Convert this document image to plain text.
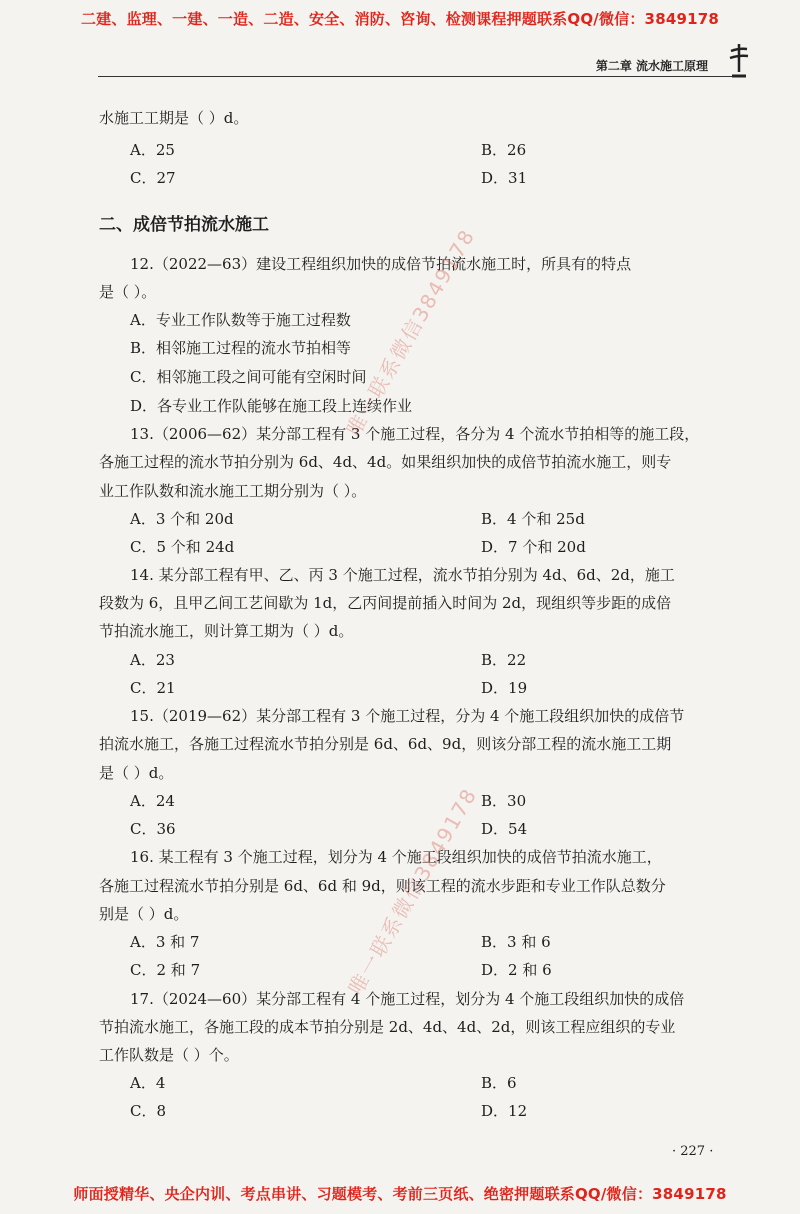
二建、监理、一建、一造、二造、安全、消防、咨询、检测课程押题联系QQ/微信：3849178
第二章 流水施工原理
水施工工期是（ ）d。
A．25	B．26
C．27	D．31
二、成倍节拍流水施工
12.（2022—63）建设工程组织加快的成倍节拍流水施工时，所具有的特点
是（ ）。
A．专业工作队数等于施工过程数
B．相邻施工过程的流水节拍相等
C．相邻施工段之间可能有空闲时间
D．各专业工作队能够在施工段上连续作业
13.（2006—62）某分部工程有 3 个施工过程，各分为 4 个流水节拍相等的施工段，
各施工过程的流水节拍分别为 6d、4d、4d。如果组织加快的成倍节拍流水施工，则专
业工作队数和流水施工工期分别为（ ）。
A．3 个和 20d	B．4 个和 25d
C．5 个和 24d	D．7 个和 20d
14. 某分部工程有甲、乙、丙 3 个施工过程，流水节拍分别为 4d、6d、2d，施工
段数为 6，且甲乙间工艺间歇为 1d，乙丙间提前插入时间为 2d，现组织等步距的成倍
节拍流水施工，则计算工期为（ ）d。
A．23	B．22
C．21	D．19
15.（2019—62）某分部工程有 3 个施工过程，分为 4 个施工段组织加快的成倍节
拍流水施工，各施工过程流水节拍分别是 6d、6d、9d，则该分部工程的流水施工工期
是（ ）d。
A．24	B．30
C．36	D．54
16. 某工程有 3 个施工过程，划分为 4 个施工段组织加快的成倍节拍流水施工，
各施工过程流水节拍分别是 6d、6d 和 9d，则该工程的流水步距和专业工作队总数分
别是（ ）d。
A．3 和 7	B．3 和 6
C．2 和 7	D．2 和 6
17.（2024—60）某分部工程有 4 个施工过程，划分为 4 个施工段组织加快的成倍
节拍流水施工，各施工段的成本节拍分别是 2d、4d、4d、2d，则该工程应组织的专业
工作队数是（ ）个。
A．4	B．6
C．8	D．12
唯一联系微信3849178
唯一联系微信3849178
· 227 ·
师面授精华、央企内训、考点串讲、习题模考、考前三页纸、绝密押题联系QQ/微信：3849178
